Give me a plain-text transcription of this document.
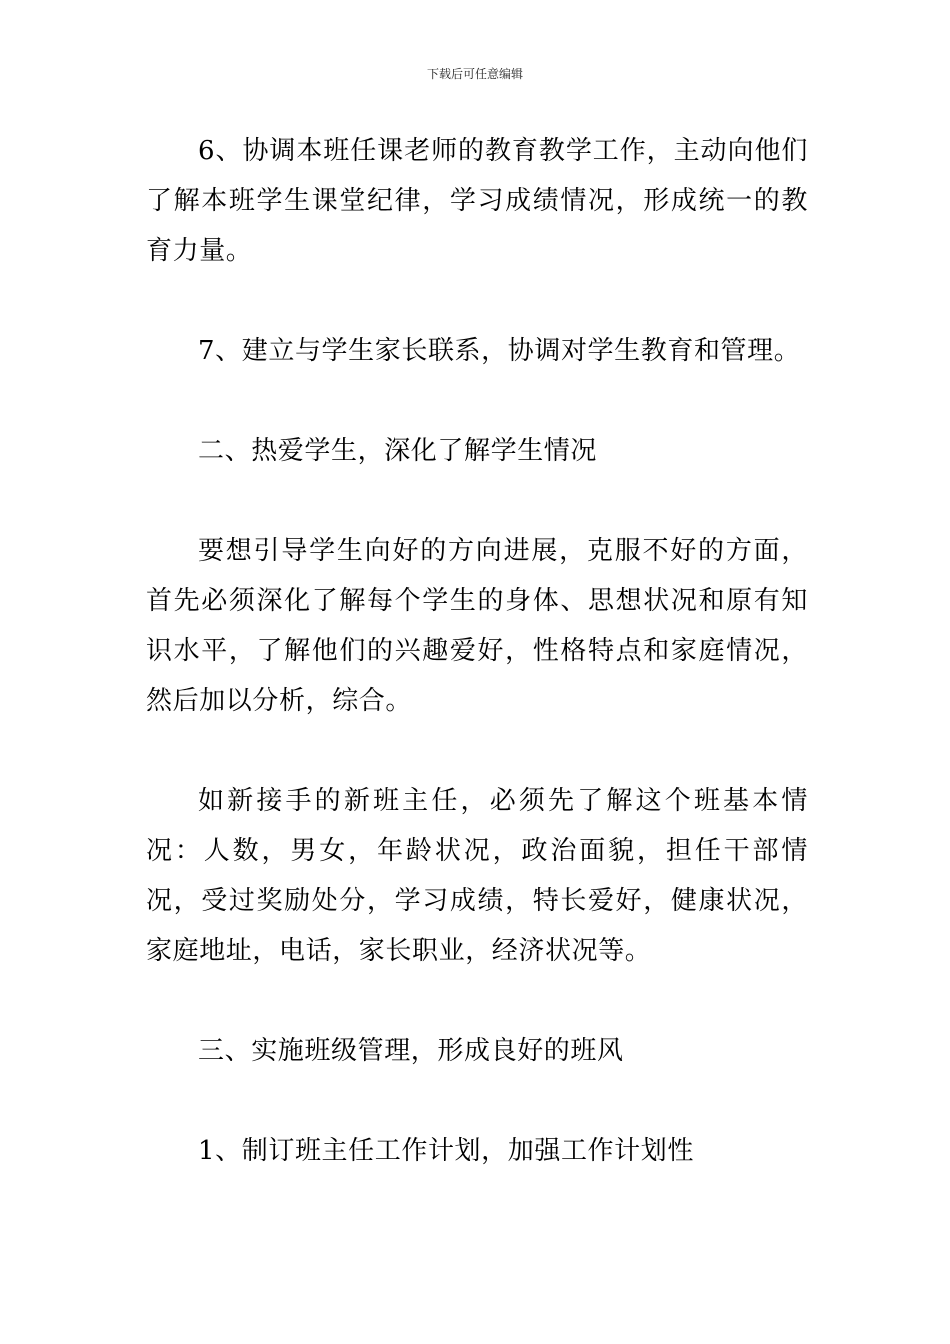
下载后可任意编辑

6、协调本班任课老师的教育教学工作，主动向他们了解本班学生课堂纪律，学习成绩情况，形成统一的教育力量。

7、建立与学生家长联系，协调对学生教育和管理。

二、热爱学生，深化了解学生情况

要想引导学生向好的方向进展，克服不好的方面，首先必须深化了解每个学生的身体、思想状况和原有知识水平，了解他们的兴趣爱好，性格特点和家庭情况，然后加以分析，综合。

如新接手的新班主任，必须先了解这个班基本情况：人数，男女，年龄状况，政治面貌，担任干部情况，受过奖励处分，学习成绩，特长爱好，健康状况，家庭地址，电话，家长职业，经济状况等。

三、实施班级管理，形成良好的班风

1、制订班主任工作计划，加强工作计划性
